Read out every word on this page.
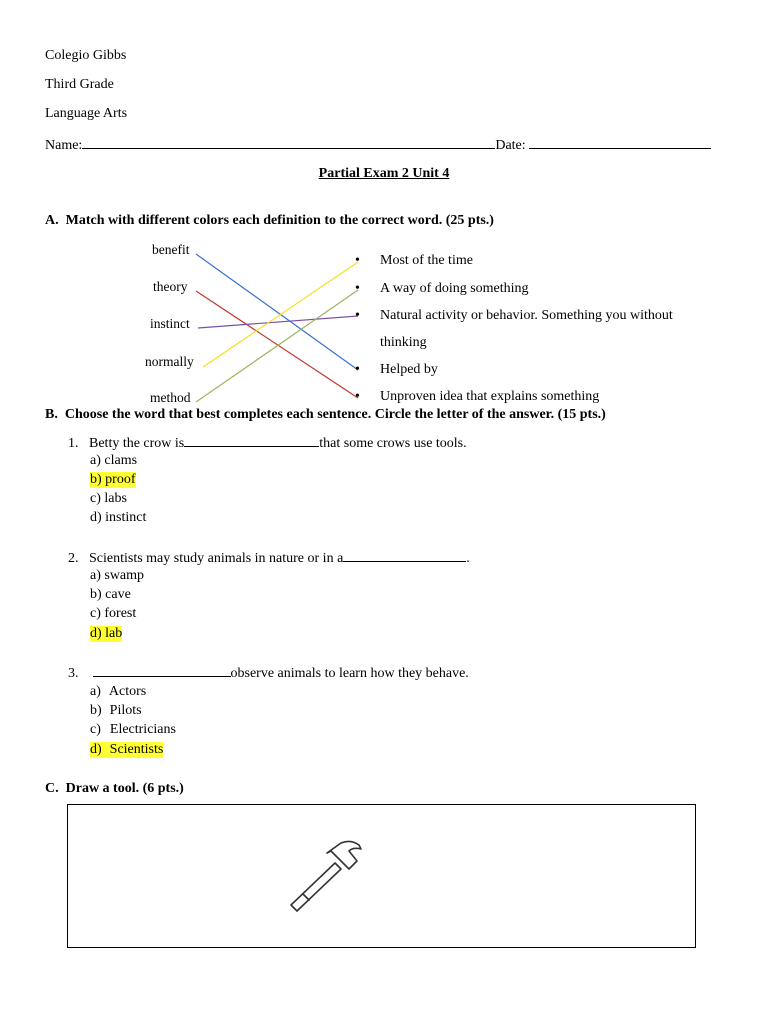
Colegio Gibbs
Third Grade
Language Arts
Name:	Date:
Partial Exam 2 Unit 4
A. Match with different colors each definition to the correct word. (25 pts.)
benefit
theory
instinct
normally
method
•
•
•
•
•
Most of the time
A way of doing something
Natural activity or behavior. Something you without
thinking
Helped by
Unproven idea that explains something
B. Choose the word that best completes each sentence. Circle the letter of the answer. (15 pts.)
1. Betty the crow is	that some crows use tools.
a) clams
b) proof
c) labs
d) instinct
2. Scientists may study animals in nature or in a	.
a) swamp
b) cave
c) forest
d) lab
3.	observe animals to learn how they behave.
a) Actors
b) Pilots
c) Electricians
d) Scientists
C. Draw a tool. (6 pts.)
